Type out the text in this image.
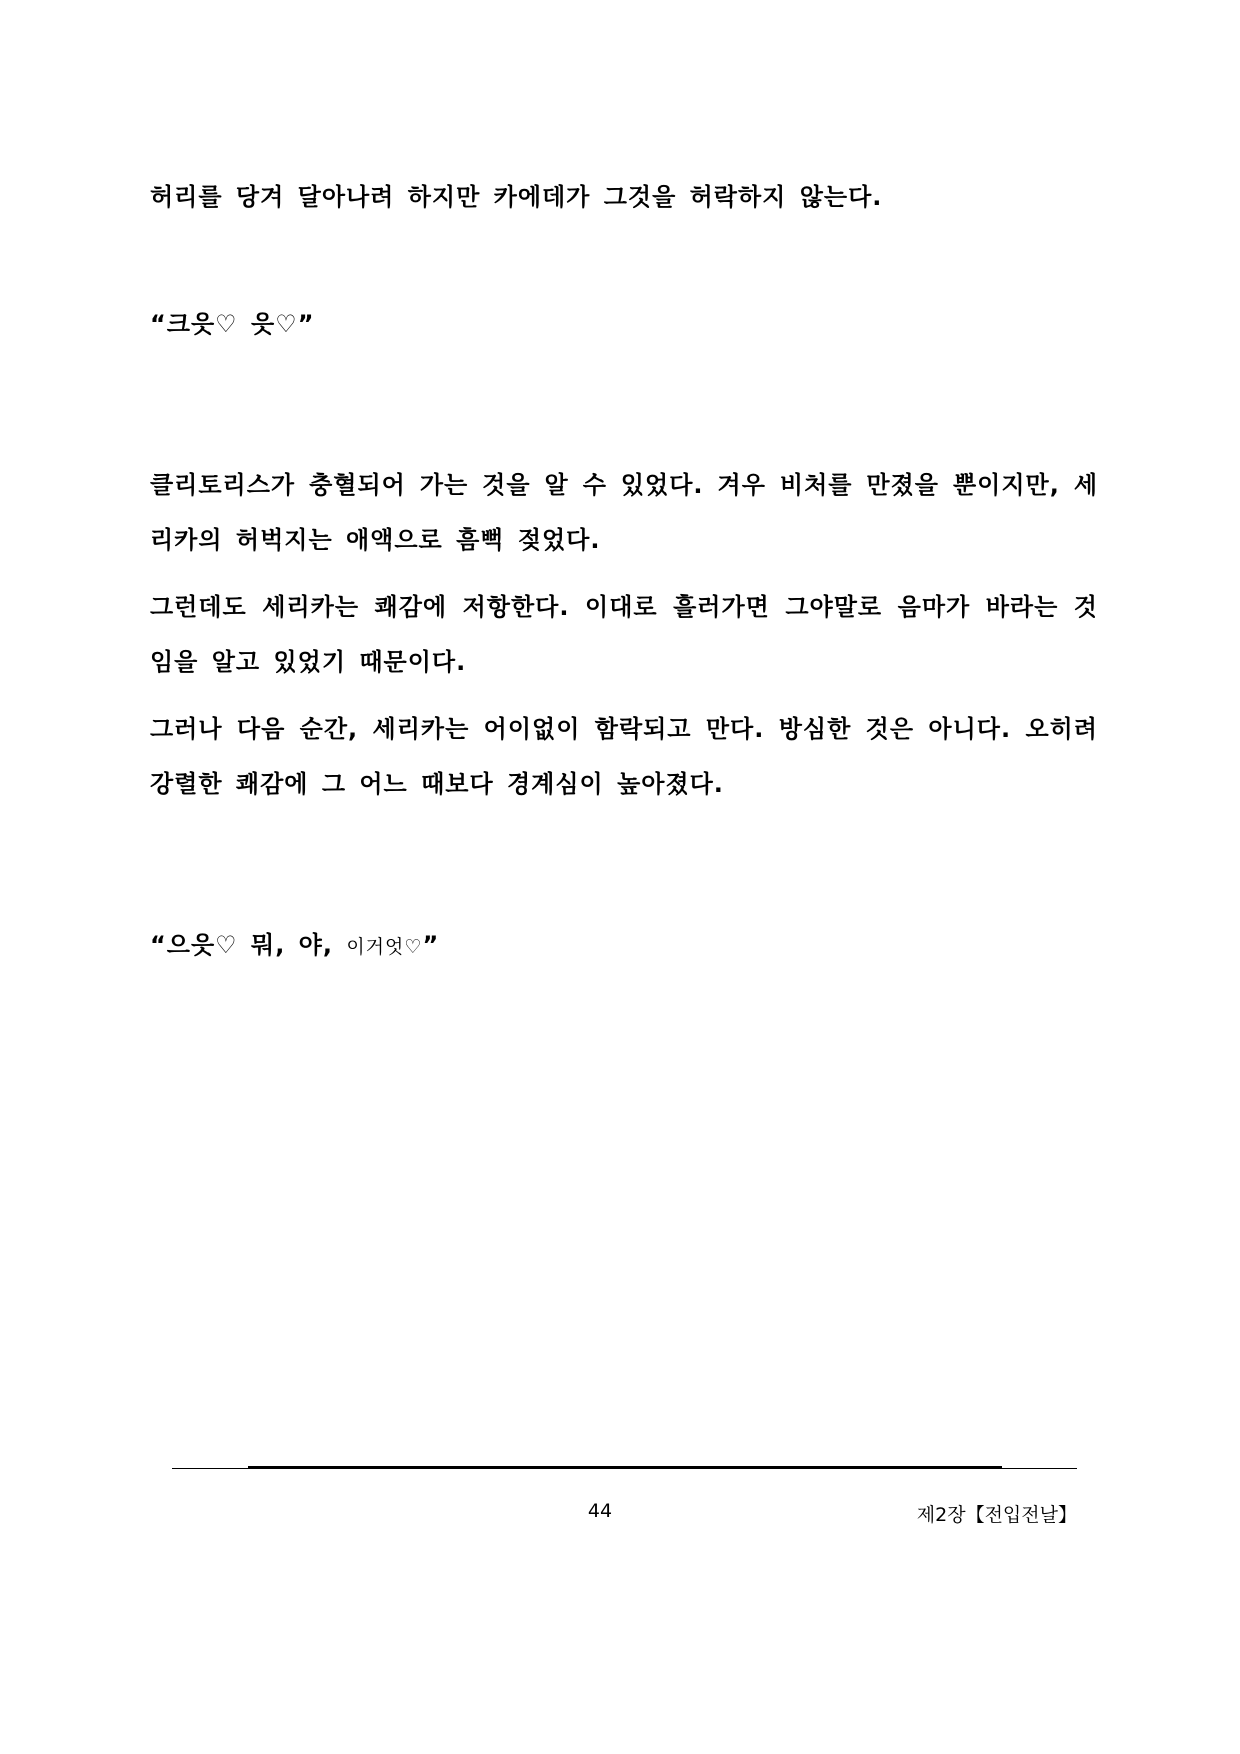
허리를 당겨 달아나려 하지만 카에데가 그것을 허락하지 않는다.

“크읏♡ 읏♡”

클리토리스가 충혈되어 가는 것을 알 수 있었다. 겨우 비처를 만졌을 뿐이지만, 세리카의 허벅지는 애액으로 흠뻑 젖었다.

그런데도 세리카는 쾌감에 저항한다. 이대로 흘러가면 그야말로 음마가 바라는 것임을 알고 있었기 때문이다.

그러나 다음 순간, 세리카는 어이없이 함락되고 만다. 방심한 것은 아니다. 오히려 강렬한 쾌감에 그 어느 때보다 경계심이 높아졌다.

“으읏♡ 뭐, 야, 이거엇♡”

44	제2장【전입전날】
